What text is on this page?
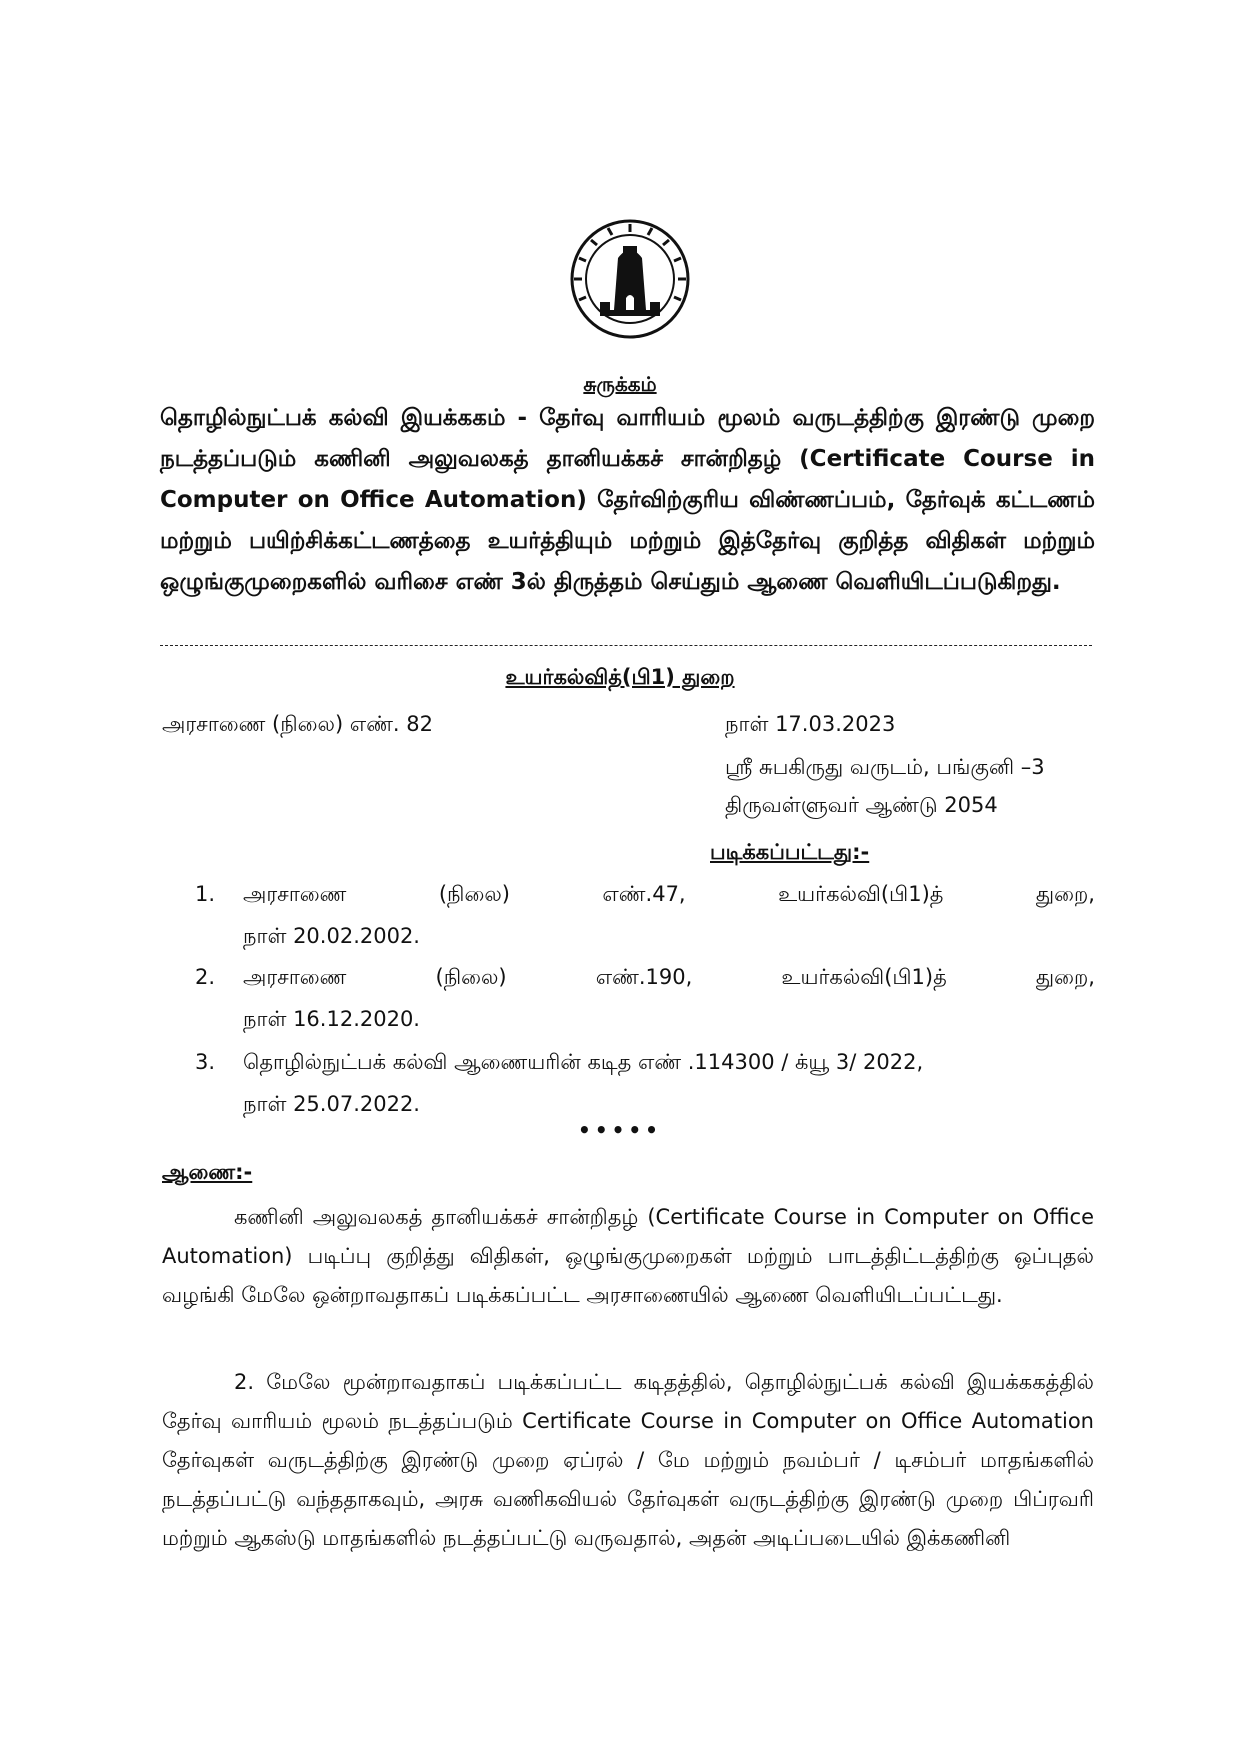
சுருக்கம்
தொழில்நுட்பக் கல்வி இயக்ககம் - தேர்வு வாரியம் மூலம் வருடத்திற்கு இரண்டு முறை நடத்தப்படும் கணினி அலுவலகத் தானியக்கச் சான்றிதழ் (Certificate Course in Computer on Office Automation) தேர்விற்குரிய விண்ணப்பம், தேர்வுக் கட்டணம் மற்றும் பயிற்சிக்கட்டணத்தை உயர்த்தியும் மற்றும் இத்தேர்வு குறித்த விதிகள் மற்றும் ஒழுங்குமுறைகளில் வரிசை எண் 3ல் திருத்தம் செய்தும் ஆணை வெளியிடப்படுகிறது.
உயர்கல்வித்(பி1) துறை
அரசாணை (நிலை) எண். 82	நாள் 17.03.2023
ஸ்ரீ சுபகிருது வருடம், பங்குனி –3
திருவள்ளுவர் ஆண்டு 2054
படிக்கப்பட்டது:-
1. அரசாணை	(நிலை)	எண்.47,	உயர்கல்வி(பி1)த்	துறை,
நாள் 20.02.2002.
2. அரசாணை	(நிலை)	எண்.190,	உயர்கல்வி(பி1)த்	துறை,
நாள் 16.12.2020.
3. தொழில்நுட்பக் கல்வி ஆணையரின் கடித எண் .114300 / க்யூ 3/ 2022,
நாள் 25.07.2022.
•••••
ஆணை:-
கணினி அலுவலகத் தானியக்கச் சான்றிதழ் (Certificate Course in Computer on Office Automation) படிப்பு குறித்து விதிகள், ஒழுங்குமுறைகள் மற்றும் பாடத்திட்டத்திற்கு ஒப்புதல் வழங்கி மேலே ஒன்றாவதாகப் படிக்கப்பட்ட அரசாணையில் ஆணை வெளியிடப்பட்டது.
2. மேலே மூன்றாவதாகப் படிக்கப்பட்ட கடிதத்தில், தொழில்நுட்பக் கல்வி இயக்ககத்தில் தேர்வு வாரியம் மூலம் நடத்தப்படும் Certificate Course in Computer on Office Automation தேர்வுகள் வருடத்திற்கு இரண்டு முறை ஏப்ரல் / மே மற்றும் நவம்பர் / டிசம்பர் மாதங்களில் நடத்தப்பட்டு வந்ததாகவும், அரசு வணிகவியல் தேர்வுகள் வருடத்திற்கு இரண்டு முறை பிப்ரவரி மற்றும் ஆகஸ்டு மாதங்களில் நடத்தப்பட்டு வருவதால், அதன் அடிப்படையில் இக்கணினி
